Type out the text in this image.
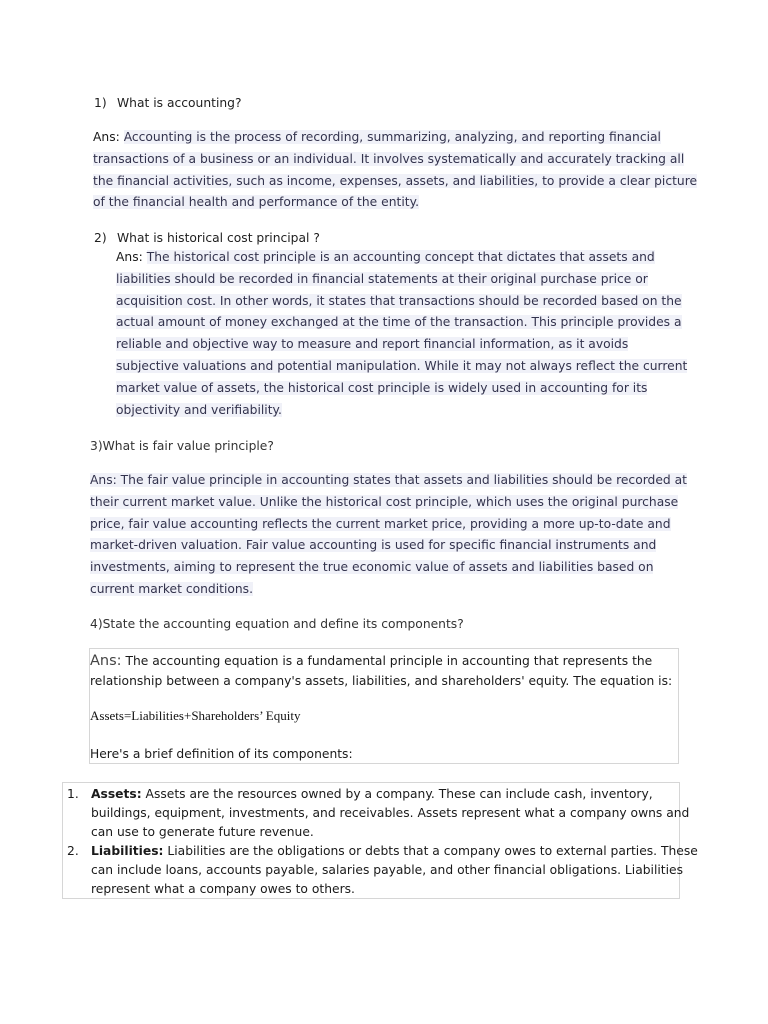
1) What is accounting?
Ans: Accounting is the process of recording, summarizing, analyzing, and reporting financial
transactions of a business or an individual. It involves systematically and accurately tracking all
the financial activities, such as income, expenses, assets, and liabilities, to provide a clear picture
of the financial health and performance of the entity.
2) What is historical cost principal ?
Ans: The historical cost principle is an accounting concept that dictates that assets and
liabilities should be recorded in financial statements at their original purchase price or
acquisition cost. In other words, it states that transactions should be recorded based on the
actual amount of money exchanged at the time of the transaction. This principle provides a
reliable and objective way to measure and report financial information, as it avoids
subjective valuations and potential manipulation. While it may not always reflect the current
market value of assets, the historical cost principle is widely used in accounting for its
objectivity and verifiability.
3)What is fair value principle?
Ans: The fair value principle in accounting states that assets and liabilities should be recorded at
their current market value. Unlike the historical cost principle, which uses the original purchase
price, fair value accounting reflects the current market price, providing a more up-to-date and
market-driven valuation. Fair value accounting is used for specific financial instruments and
investments, aiming to represent the true economic value of assets and liabilities based on
current market conditions.
4)State the accounting equation and define its components?
Ans: The accounting equation is a fundamental principle in accounting that represents the
relationship between a company's assets, liabilities, and shareholders' equity. The equation is:
Assets=Liabilities+Shareholders’ Equity
Here's a brief definition of its components:
1. Assets: Assets are the resources owned by a company. These can include cash, inventory,
buildings, equipment, investments, and receivables. Assets represent what a company owns and
can use to generate future revenue.
2. Liabilities: Liabilities are the obligations or debts that a company owes to external parties. These
can include loans, accounts payable, salaries payable, and other financial obligations. Liabilities
represent what a company owes to others.
